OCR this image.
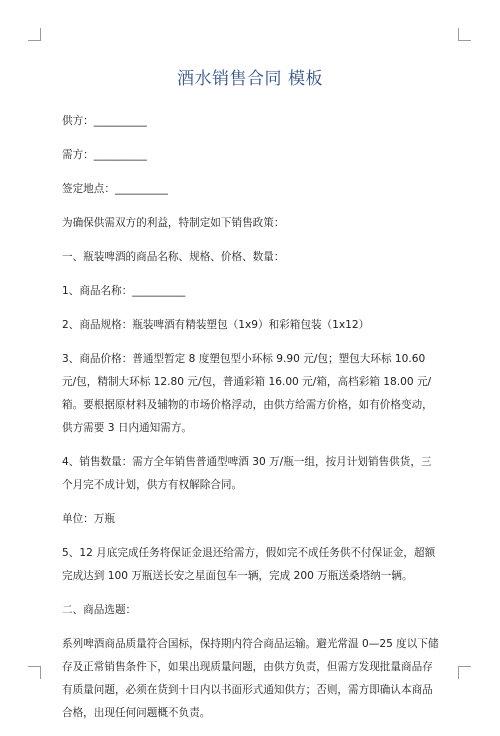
酒水销售合同 模板

供方：__________

需方：__________

签定地点：__________

为确保供需双方的利益，特制定如下销售政策：

一、瓶装啤酒的商品名称、规格、价格、数量：

1、商品名称：__________

2、商品规格：瓶装啤酒有精装塑包（1x9）和彩箱包装（1x12）

3、商品价格：普通型暂定 8 度塑包型小环标 9.90 元/包；塑包大环标 10.60 元/包，精制大环标 12.80 元/包，普通彩箱 16.00 元/箱，高档彩箱 18.00 元/箱。要根据原材料及辅物的市场价格浮动，由供方给需方价格，如有价格变动，供方需要 3 日内通知需方。

4、销售数量：需方全年销售普通型啤酒 30 万/瓶一组，按月计划销售供货，三个月完不成计划，供方有权解除合同。

单位：万瓶

5、12 月底完成任务将保证金退还给需方，假如完不成任务供不付保证金，超额完成达到 100 万瓶送长安之星面包车一辆，完成 200 万瓶送桑塔纳一辆。

二、商品选题：

系列啤酒商品质量符合国标，保持期内符合商品运输。避光常温 0—25 度以下储存及正常销售条件下，如果出现质量问题，由供方负责，但需方发现批量商品存有质量问题，必须在货到十日内以书面形式通知供方；否则，需方即确认本商品合格，出现任何问题概不负责。
